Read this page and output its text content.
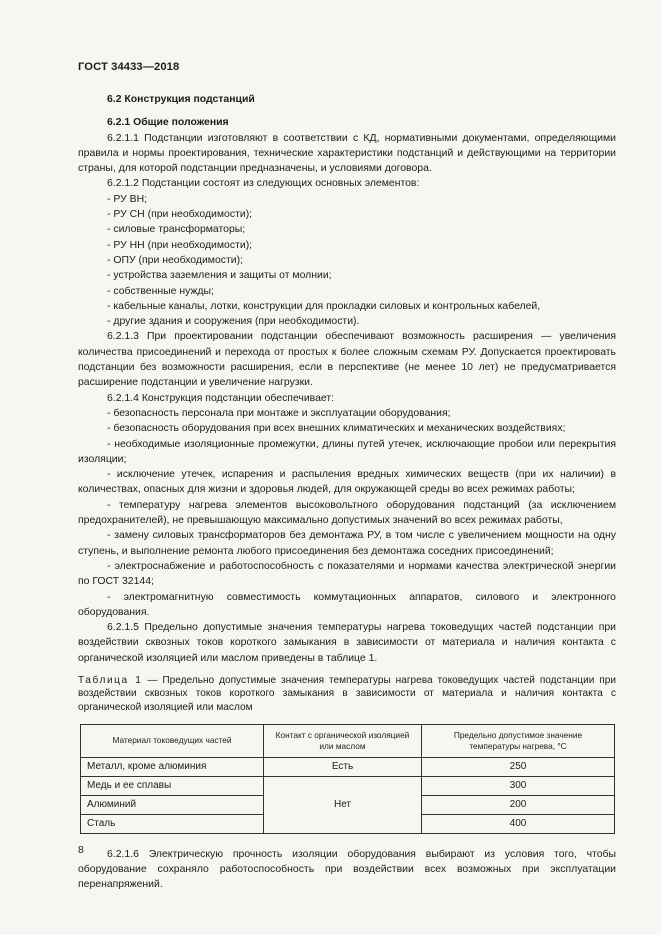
ГОСТ 34433—2018

6.2 Конструкция подстанций

6.2.1 Общие положения

6.2.1.1 Подстанции изготовляют в соответствии с КД, нормативными документами, определяющими правила и нормы проектирования, технические характеристики подстанций и действующими на территории страны, для которой подстанции предназначены, и условиями договора.

6.2.1.2 Подстанции состоят из следующих основных элементов:

- РУ ВН;

- РУ СН (при необходимости);

- силовые трансформаторы;

- РУ НН (при необходимости);

- ОПУ (при необходимости);

- устройства заземления и защиты от молнии;

- собственные нужды;

- кабельные каналы, лотки, конструкции для прокладки силовых и контрольных кабелей,

- другие здания и сооружения (при необходимости).

6.2.1.3 При проектировании подстанции обеспечивают возможность расширения — увеличения количества присоединений и перехода от простых к более сложным схемам РУ. Допускается проектировать подстанции без возможности расширения, если в перспективе (не менее 10 лет) не предусматривается расширение подстанции и увеличение нагрузки.

6.2.1.4 Конструкция подстанции обеспечивает:

- безопасность персонала при монтаже и эксплуатации оборудования;

- безопасность оборудования при всех внешних климатических и механических воздействиях;

- необходимые изоляционные промежутки, длины путей утечек, исключающие пробои или перекрытия изоляции;

- исключение утечек, испарения и распыления вредных химических веществ (при их наличии) в количествах, опасных для жизни и здоровья людей, для окружающей среды во всех режимах работы;

- температуру нагрева элементов высоковольтного оборудования подстанций (за исключением предохранителей), не превышающую максимально допустимых значений во всех режимах работы,

- замену силовых трансформаторов без демонтажа РУ, в том числе с увеличением мощности на одну ступень, и выполнение ремонта любого присоединения без демонтажа соседних присоединений;

- электроснабжение и работоспособность с показателями и нормами качества электрической энергии по ГОСТ 32144;

- электромагнитную совместимость коммутационных аппаратов, силового и электронного оборудования.

6.2.1.5 Предельно допустимые значения температуры нагрева токоведущих частей подстанции при воздействии сквозных токов короткого замыкания в зависимости от материала и наличия контакта с органической изоляцией или маслом приведены в таблице 1.

Таблица 1 — Предельно допустимые значения температуры нагрева токоведущих частей подстанции при воздействии сквозных токов короткого замыкания в зависимости от материала и наличия контакта с органической изоляцией или маслом

Материал токоведущих частей	Контакт с органической изоляцией или маслом	Предельно допустимое значение температуры нагрева, °С
Металл, кроме алюминия	Есть	250
Медь и ее сплавы	Нет	300
Алюминий		200
Сталь		400

6.2.1.6 Электрическую прочность изоляции оборудования выбирают из условия того, чтобы оборудование сохраняло работоспособность при воздействии всех возможных при эксплуатации перенапряжений.

8
